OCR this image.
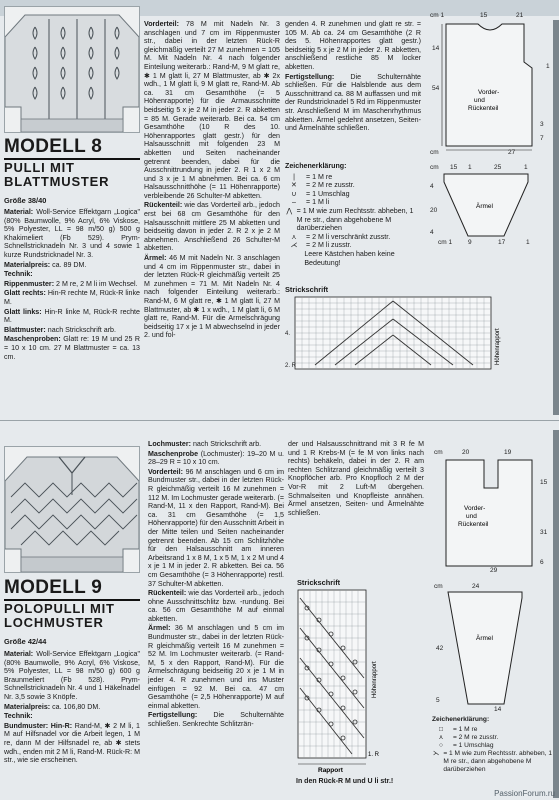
MODELL 8
PULLI MIT
BLATTMUSTER
Größe 38/40

Material: Woll-Service Effektgarn „Logica" (80% Baumwolle, 9% Acryl, 6% Viskose, 5% Polyester, LL = 98 m/50 g) 500 g Khakimeliert (Fb 529). Prym-Schnellstricknadeln Nr. 3 und 4 sowie 1 kurze Rundstricknadel Nr. 3.

Materialpreis: ca. 89 DM.

Technik:

Rippenmuster: 2 M re, 2 M li im Wechsel.

Glatt rechts: Hin-R rechte M, Rück-R linke M.

Glatt links: Hin-R linke M, Rück-R rechte M.

Blattmuster: nach Strickschrift arb.

Maschenproben: Glatt re: 19 M und 25 R = 10 x 10 cm. 27 M Blattmuster = ca. 13 cm.

Vorderteil: 78 M mit Nadeln Nr. 3 anschlagen und 7 cm im Rippenmuster str., dabei in der letzten Rück-R gleichmäßig verteilt 27 M zunehmen = 105 M. Mit Nadeln Nr. 4 nach folgender Einteilung weiterarb.: Rand-M, 9 M glatt re, ✱ 1 M glatt li, 27 M Blattmuster, ab ✱ 2x wdh., 1 M glatt li, 9 M glatt re, Rand-M. Ab ca. 31 cm Gesamthöhe (= 5 Höhenrapporte) für die Armausschnitte beidseitig 5 x je 2 M in jeder 2. R abketten = 85 M. Gerade weiterarb. Bei ca. 54 cm Gesamthöhe (10 R des 10. Höhenrapportes glatt gestr.) für den Halsausschnitt mit folgenden 23 M abketten und Seiten nacheinander getrennt beenden, dabei für die Ausschnittrundung in jeder 2. R 1 x 2 M und 3 x je 1 M abnehmen. Bei ca. 6 cm Halsausschnitthöhe (= 11 Höhenrapporte) verbleibende 26 Schulter-M abketten.

Rückenteil: wie das Vorderteil arb., jedoch erst bei 68 cm Gesamthöhe für den Halsausschnitt mittlere 25 M abketten und beidseitig davon in jeder 2. R 2 x je 2 M abnehmen. Anschließend 26 Schulter-M abketten.

Ärmel: 46 M mit Nadeln Nr. 3 anschlagen und 4 cm im Rippenmuster str., dabei in der letzten Rück-R gleichmäßig verteilt 25 M zunehmen = 71 M. Mit Nadeln Nr. 4 nach folgender Einteilung weiterarb.: Rand-M, 6 M glatt re, ✱ 1 M glatt li, 27 M Blattmuster, ab ✱ 1 x wdh., 1 M glatt li, 6 M glatt re, Rand-M. Für die Armelschrägung beidseitig 17 x je 1 M abwechselnd in jeder 2. und fol-

genden 4. R zunehmen und glatt re str. = 105 M. Ab ca. 24 cm Gesamthöhe (2 R des 5. Höhenrapportes glatt gestr.) beidseitig 5 x je 2 M in jeder 2. R abketten, anschließend restliche 85 M locker abketten.

Fertigstellung: Die Schulternähte schließen. Für die Halsblende aus dem Ausschnittrand ca. 88 M auffassen und mit der Rundstricknadel 5 Rd im Rippenmuster str. Anschließend M im Maschenrhythmus abketten. Ärmel gedehnt ansetzen, Seiten- und Ärmelnähte schließen.

Zeichenerklärung:
|	= 1 M re
✕	= 2 M re zusstr.
∪	= 1 Umschlag
–	= 1 M li
⋀ = 1 M wie zum Rechtsstr. abheben, 1 M re str., dann abgehobene M darüberziehen
⋏	= 2 M li verschränkt zusstr.
⋌	= 2 M li zusstr.
Leere Kästchen haben keine Bedeutung!
cm 1	15	21
14
54
7
27
1
cm
3
Vorder-
und
Rückenteil
cm 15 1	25	1
4
20
4
cm 1 9	17	1
Ärmel
Strickschrift
4.
2. R
Höhenrapport
MODELL 9
POLOPULLI MIT
LOCHMUSTER
Größe 42/44

Material: Woll-Service Effektgarn „Logica" (80% Baumwolle, 9% Acryl, 6% Viskose, 5% Polyester, LL = 98 m/50 g) 600 g Braunmeliert (Fb 528). Prym-Schnellstricknadeln Nr. 4 und 1 Häkelnadel Nr. 3,5 sowie 3 Knöpfe.

Materialpreis: ca. 106,80 DM.

Technik:

Bundmuster: Hin-R: Rand-M, ✱ 2 M li, 1 M auf Hilfsnadel vor die Arbeit legen, 1 M re, dann M der Hilfsnadel re, ab ✱ stets wdh., enden mit 2 M li, Rand-M. Rück-R: M str., wie sie erscheinen.

Lochmuster: nach Strickschrift arb.

Maschenprobe (Lochmuster): 19–20 M u. 28–29 R = 10 x 10 cm.

Vorderteil: 96 M anschlagen und 6 cm im Bundmuster str., dabei in der letzten Rück-R gleichmäßig verteilt 16 M zunehmen = 112 M. Im Lochmuster gerade weiterarb. (= Rand-M, 11 x den Rapport, Rand-M). Bei ca. 31 cm Gesamthöhe (= 1,5 Höhenrapporte) für den Ausschnitt Arbeit in der Mitte teilen und Seiten nacheinander getrennt beenden. Ab 15 cm Schlitzhöhe für den Halsausschnitt am inneren Arbeitsrand 1 x 8 M, 1 x 5 M, 1 x 2 M und 4 x je 1 M in jeder 2. R abketten. Bei ca. 56 cm Gesamthöhe (= 3 Höhenrapporte) restl. 37 Schulter-M abketten.

Rückenteil: wie das Vorderteil arb., jedoch ohne Ausschnittschlitz bzw. -rundung. Bei ca. 56 cm Gesamthöhe M auf einmal abketten.

Ärmel: 36 M anschlagen und 5 cm im Bundmuster str., dabei in der letzten Rück-R gleichmäßig verteilt 16 M zunehmen = 52 M. Im Lochmuster weiterarb. (= Rand-M, 5 x den Rapport, Rand-M). Für die Ärmelschrägung beidseitig 20 x je 1 M in jeder 4. R zunehmen und ins Muster einfügen = 92 M. Bei ca. 47 cm Gesamthöhe (= 2,5 Höhenrapporte) M auf einmal abketten.

Fertigstellung: Die Schulternähte schließen. Senkrechte Schlitzrän-

der und Halsausschnittrand mit 3 R fe M und 1 R Krebs-M (= fe M von links nach rechts) behäkeln, dabei in der 2. R am rechten Schlitzrand gleichmäßig verteilt 3 Knopflöcher arb. Pro Knopfloch 2 M der Vor-R mit 2 Luft-M übergehen. Schmalseiten und Knopfleiste annähen. Ärmel ansetzen, Seiten- und Ärmelnähte schließen.

Strickschrift
Rapport
1. R
Höhenrapport
In den Rück-R M und U li str.!
cm	20	19
15
31
6
29
Vorder-
und
Rückenteil
cm	24
42
5
14
Ärmel
Zeichenerklärung:
□	= 1 M re
⋏	= 2 M re zusstr.
○	= 1 Umschlag
⋋ = 1 M wie zum Rechtsstr. abheben, 1 M re str., dann abgehobene M darüberziehen
PassionForum.ru
